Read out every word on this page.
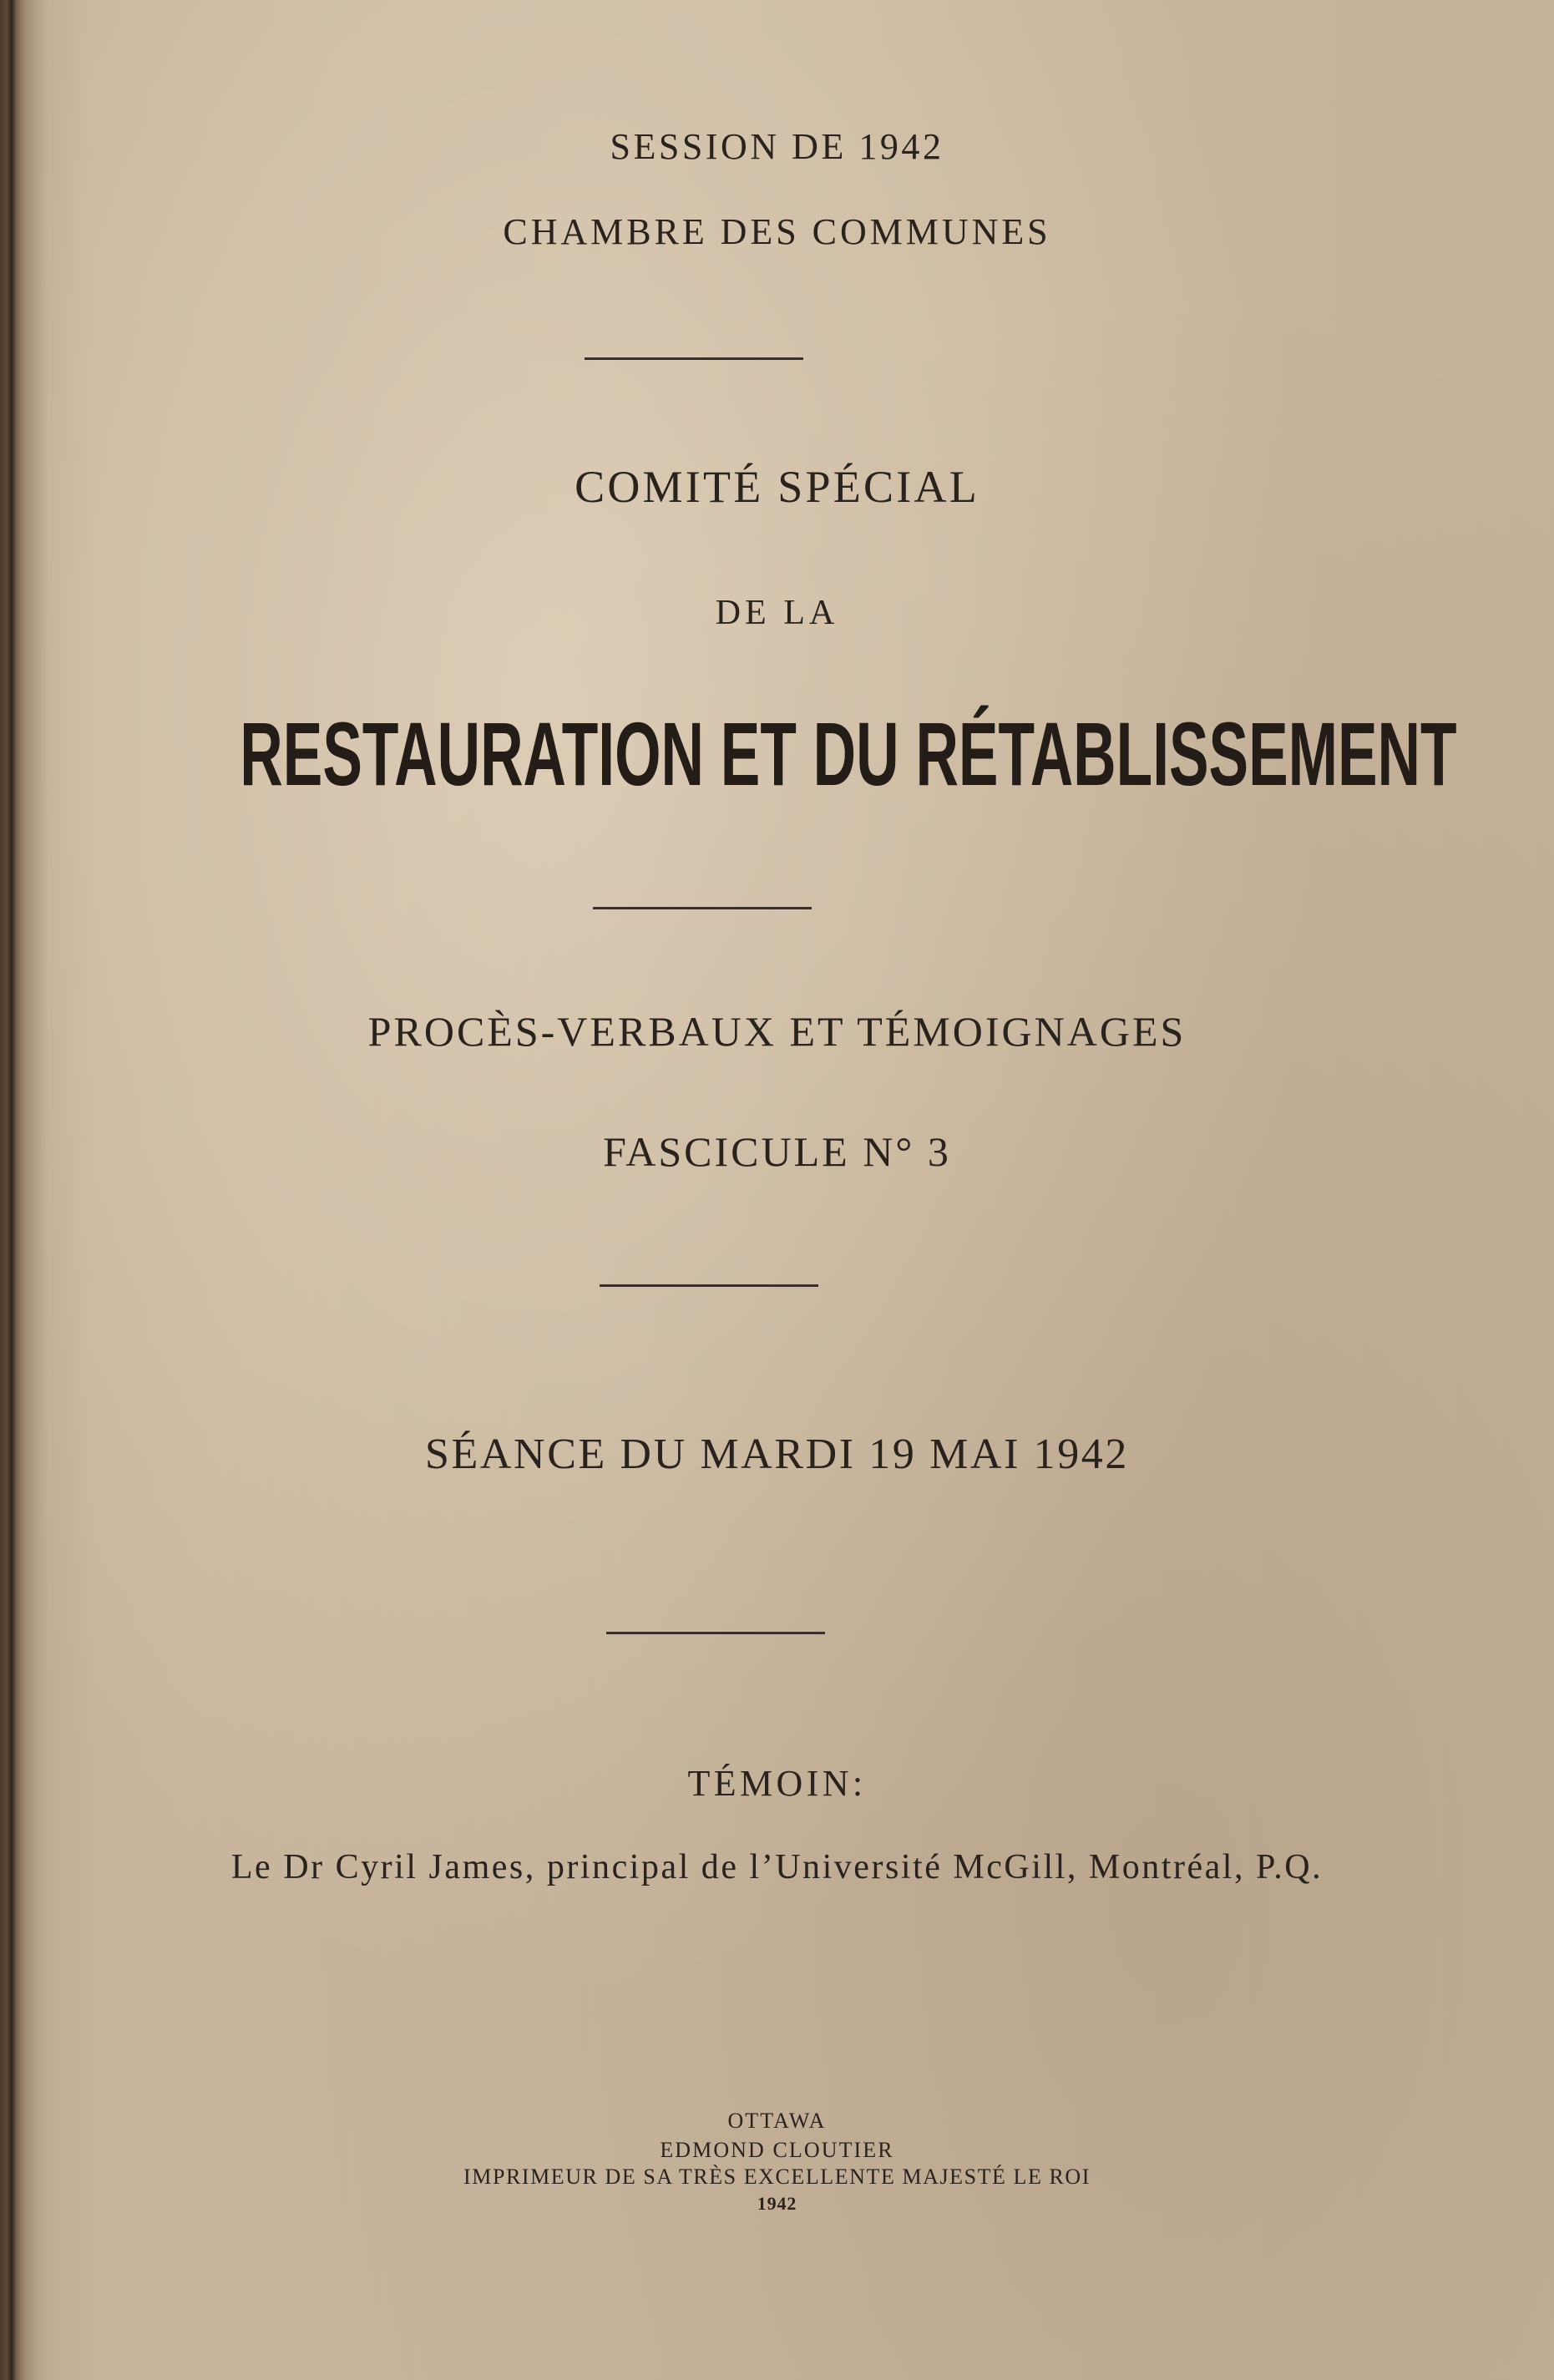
SESSION DE 1942
CHAMBRE DES COMMUNES
COMITÉ SPÉCIAL
DE LA
RESTAURATION ET DU RÉTABLISSEMENT
PROCÈS-VERBAUX ET TÉMOIGNAGES
FASCICULE N° 3
SÉANCE DU MARDI 19 MAI 1942
TÉMOIN:
Le Dr Cyril James, principal de l’Université McGill, Montréal, P.Q.
OTTAWA
EDMOND CLOUTIER
IMPRIMEUR DE SA TRÈS EXCELLENTE MAJESTÉ LE ROI
1942
